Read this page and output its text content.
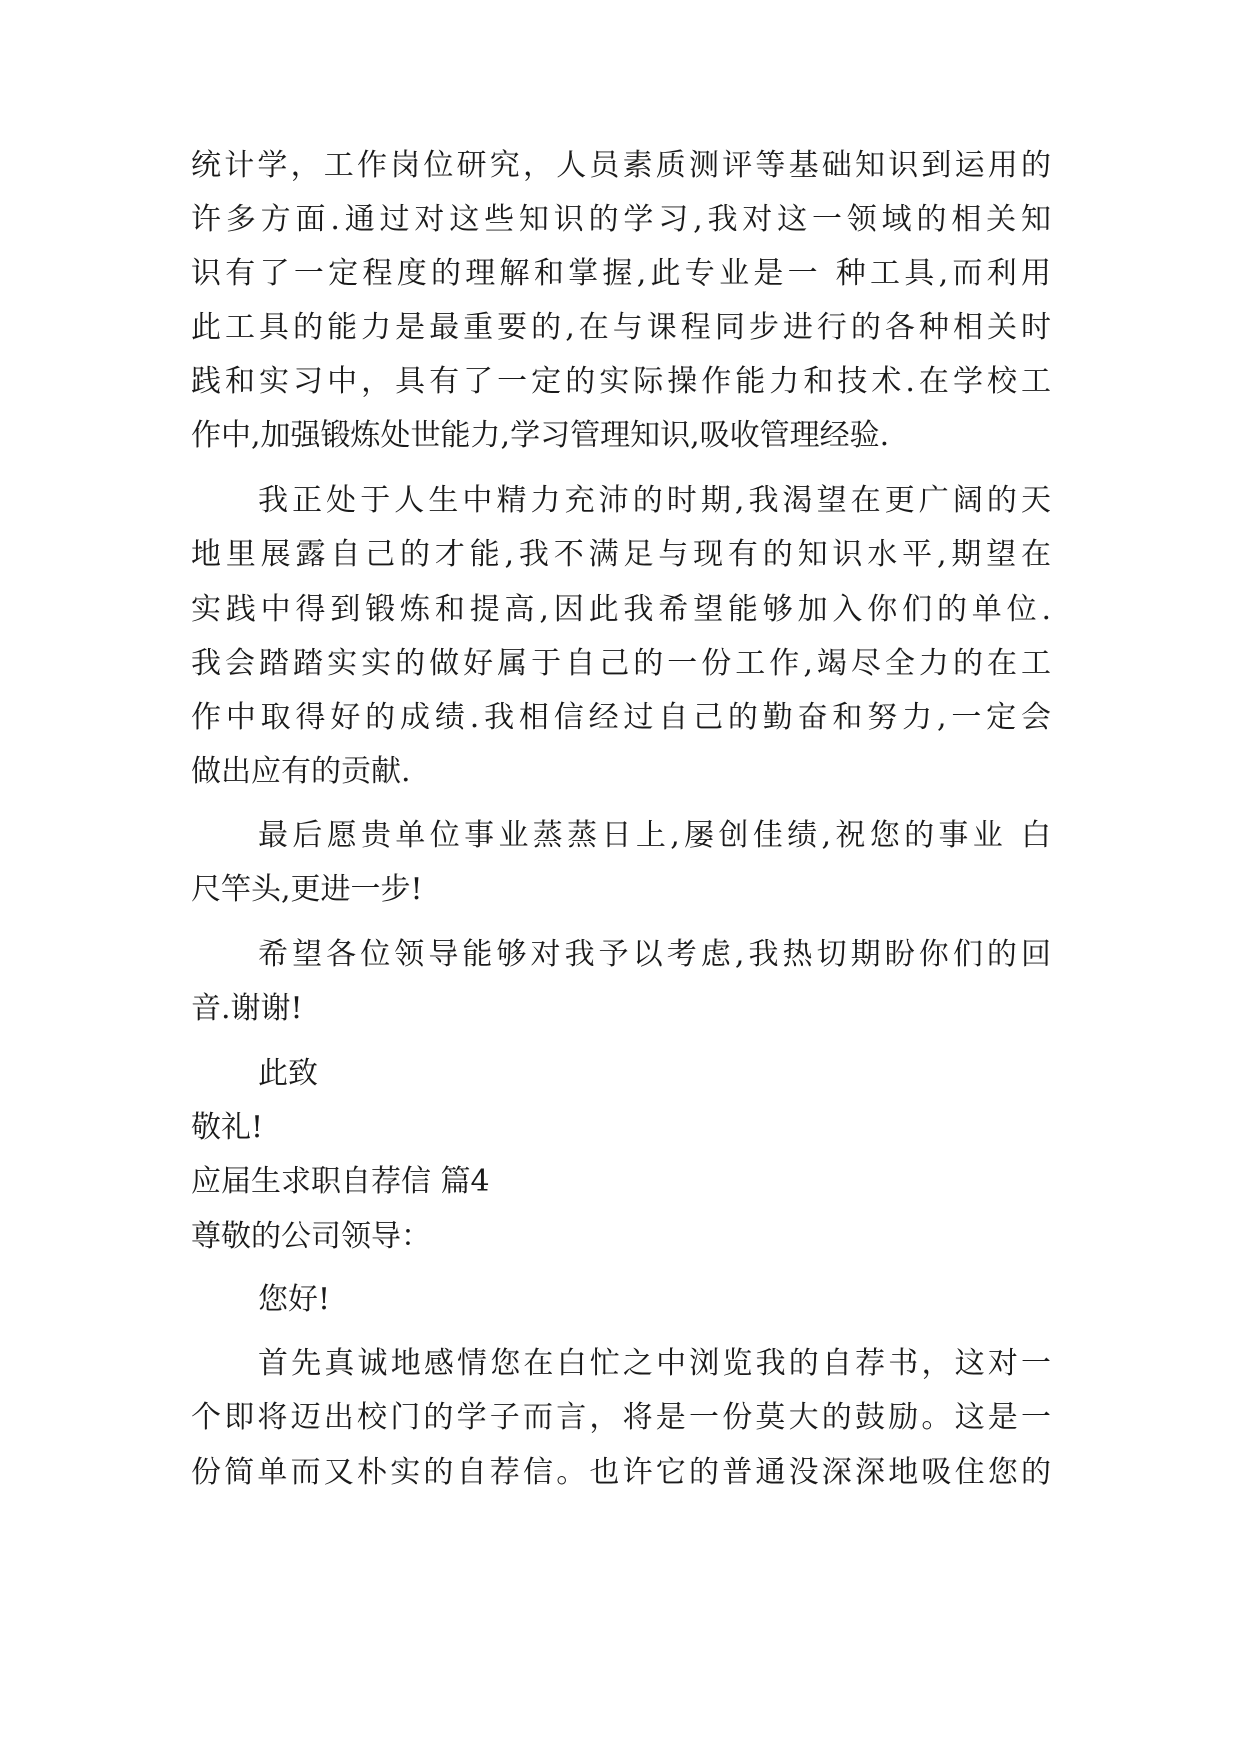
统计学，工作岗位研究，人员素质测评等基础知识到运用的
许多方面.通过对这些知识的学习,我对这一领域的相关知
识有了一定程度的理解和掌握,此专业是一 种工具,而利用
此工具的能力是最重要的,在与课程同步进行的各种相关时
践和实习中，具有了一定的实际操作能力和技术.在学校工
作中,加强锻炼处世能力,学习管理知识,吸收管理经验.
我正处于人生中精力充沛的时期,我渴望在更广阔的天
地里展露自己的才能,我不满足与现有的知识水平,期望在
实践中得到锻炼和提高,因此我希望能够加入你们的单位.
我会踏踏实实的做好属于自己的一份工作,竭尽全力的在工
作中取得好的成绩.我相信经过自己的勤奋和努力,一定会
做出应有的贡献.
最后愿贵单位事业蒸蒸日上,屡创佳绩,祝您的事业 白
尺竿头,更进一步!
希望各位领导能够对我予以考虑,我热切期盼你们的回
音.谢谢!
此致
敬礼!
应届生求职自荐信 篇4
尊敬的公司领导：
您好!
首先真诚地感情您在白忙之中浏览我的自荐书，这对一
个即将迈出校门的学子而言，将是一份莫大的鼓励。这是一
份简单而又朴实的自荐信。也许它的普通没深深地吸住您的
